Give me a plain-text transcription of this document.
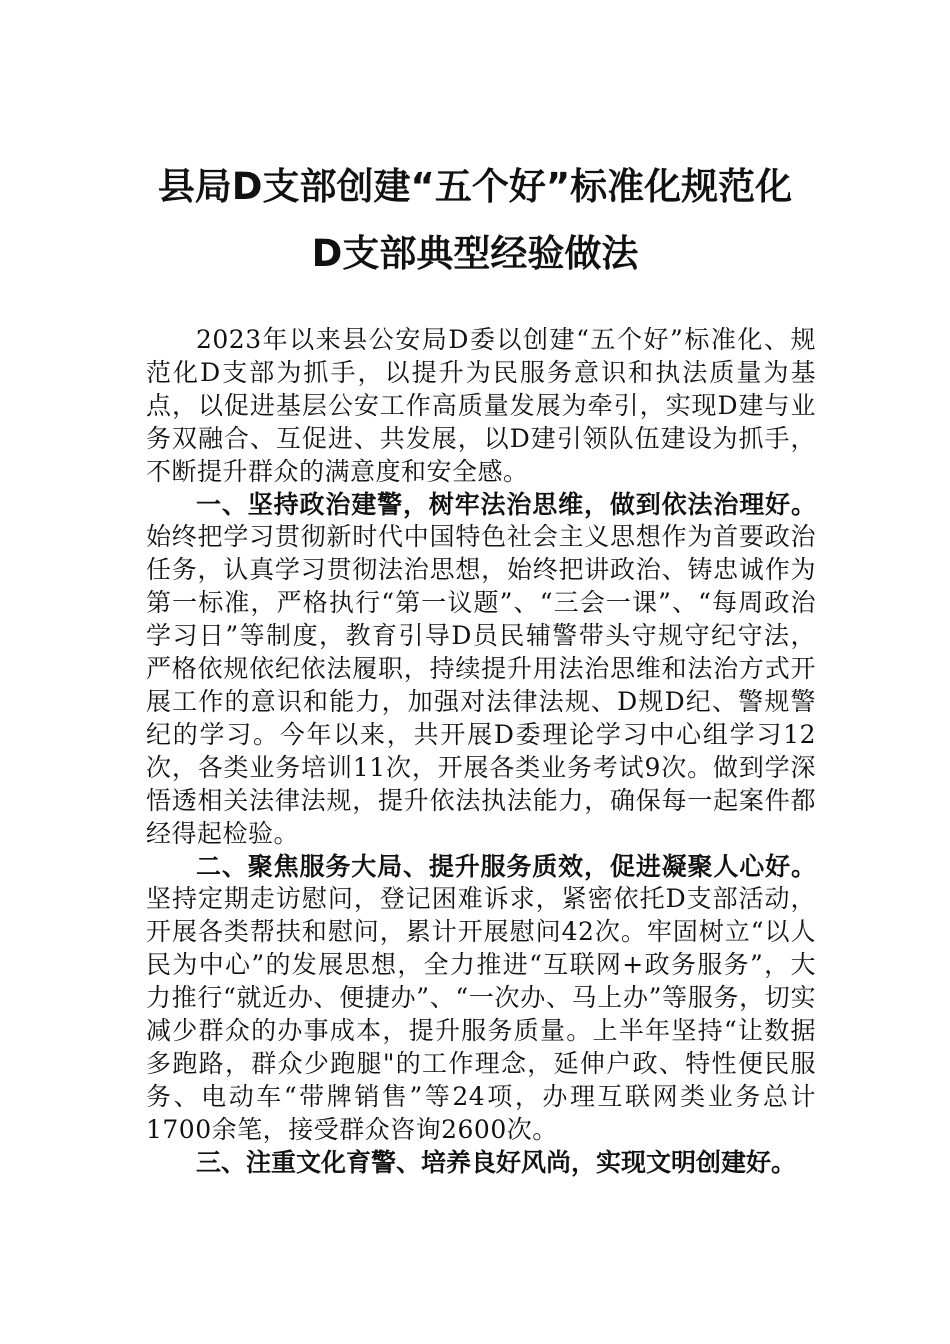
县局D支部创建“五个好”标准化规范化
D支部典型经验做法

2023年以来县公安局D委以创建“五个好”标准化、规范化D支部为抓手，以提升为民服务意识和执法质量为基点，以促进基层公安工作高质量发展为牵引，实现D建与业务双融合、互促进、共发展，以D建引领队伍建设为抓手，不断提升群众的满意度和安全感。

一、坚持政治建警，树牢法治思维，做到依法治理好。始终把学习贯彻新时代中国特色社会主义思想作为首要政治任务，认真学习贯彻法治思想，始终把讲政治、铸忠诚作为第一标准，严格执行“第一议题”、“三会一课”、“每周政治学习日”等制度，教育引导D员民辅警带头守规守纪守法，严格依规依纪依法履职，持续提升用法治思维和法治方式开展工作的意识和能力，加强对法律法规、D规D纪、警规警纪的学习。今年以来，共开展D委理论学习中心组学习12次，各类业务培训11次，开展各类业务考试9次。做到学深悟透相关法律法规，提升依法执法能力，确保每一起案件都经得起检验。

二、聚焦服务大局、提升服务质效，促进凝聚人心好。坚持定期走访慰问，登记困难诉求，紧密依托D支部活动，开展各类帮扶和慰问，累计开展慰问42次。牢固树立“以人民为中心”的发展思想，全力推进“互联网+政务服务”，大力推行“就近办、便捷办”、“一次办、马上办”等服务，切实减少群众的办事成本，提升服务质量。上半年坚持“让数据多跑路，群众少跑腿"的工作理念，延伸户政、特性便民服务、电动车“带牌销售”等24项，办理互联网类业务总计1700余笔，接受群众咨询2600次。

三、注重文化育警、培养良好风尚，实现文明创建好。
